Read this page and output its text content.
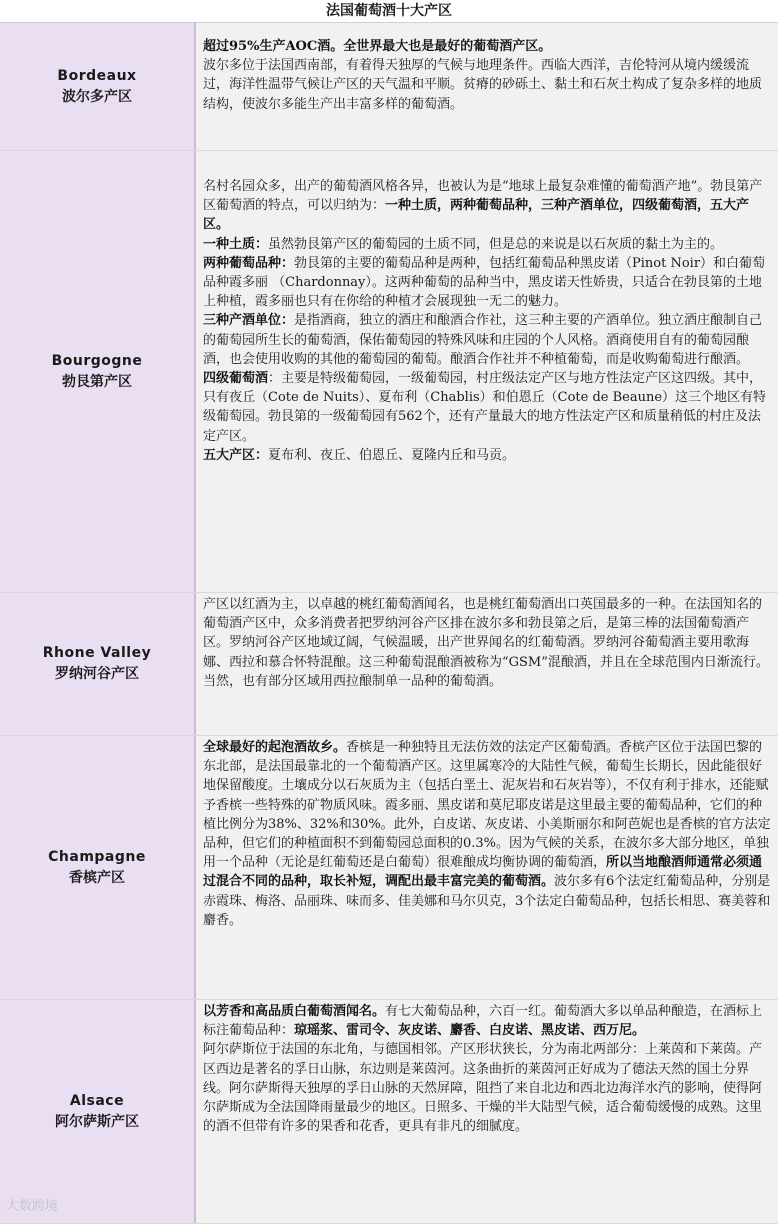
法国葡萄酒十大产区
Bordeaux
波尔多产区

超过95%生产AOC酒。全世界最大也是最好的葡萄酒产区。

波尔多位于法国西南部，有着得天独厚的气候与地理条件。西临大西洋，吉伦特河从境内缓缓流过，海洋性温带气候让产区的天气温和平顺。贫瘠的砂砾土、黏土和石灰土构成了复杂多样的地质结构，使波尔多能生产出丰富多样的葡萄酒。

Bourgogne
勃艮第产区

名村名园众多，出产的葡萄酒风格各异，也被认为是“地球上最复杂难懂的葡萄酒产地”。勃艮第产区葡萄酒的特点，可以归纳为：一种土质，两种葡萄品种，三种产酒单位，四级葡萄酒，五大产区。

一种土质：虽然勃艮第产区的葡萄园的土质不同，但是总的来说是以石灰质的黏土为主的。

两种葡萄品种：勃艮第的主要的葡萄品种是两种，包括红葡萄品种黑皮诺（Pinot Noir）和白葡萄品种霞多丽 （Chardonnay）。这两种葡萄的品种当中，黑皮诺天性娇贵，只适合在勃艮第的土地上种植，霞多丽也只有在你给的种植才会展现独一无二的魅力。

三种产酒单位：是指酒商，独立的酒庄和酿酒合作社，这三种主要的产酒单位。独立酒庄酿制自己的葡萄园所生长的葡萄酒，保佑葡萄园的特殊风味和庄园的个人风格。酒商使用自有的葡萄园酿酒，也会使用收购的其他的葡萄园的葡萄。酿酒合作社并不种植葡萄，而是收购葡萄进行酿酒。

四级葡萄酒：主要是特级葡萄园，一级葡萄园，村庄级法定产区与地方性法定产区这四级。其中，只有夜丘（Cote de Nuits）、夏布利（Chablis）和伯恩丘（Cote de Beaune）这三个地区有特级葡萄园。勃艮第的一级葡萄园有562个，还有产量最大的地方性法定产区和质量稍低的村庄及法定产区。

五大产区：夏布利、夜丘、伯恩丘、夏隆内丘和马贡。

Rhone Valley
罗纳河谷产区

产区以红酒为主，以卓越的桃红葡萄酒闻名，也是桃红葡萄酒出口英国最多的一种。在法国知名的葡萄酒产区中，众多消费者把罗纳河谷产区排在波尔多和勃艮第之后，是第三棒的法国葡萄酒产区。罗纳河谷产区地域辽阔，气候温暖，出产世界闻名的红葡萄酒。罗纳河谷葡萄酒主要用歌海娜、西拉和慕合怀特混酿。这三种葡萄混酿酒被称为“GSM”混酿酒，并且在全球范围内日渐流行。当然，也有部分区域用西拉酿制单一品种的葡萄酒。

Champagne
香槟产区

全球最好的起泡酒故乡。香槟是一种独特且无法仿效的法定产区葡萄酒。香槟产区位于法国巴黎的东北部，是法国最靠北的一个葡萄酒产区。这里属寒冷的大陆性气候，葡萄生长期长，因此能很好地保留酸度。土壤成分以石灰质为主（包括白垩土、泥灰岩和石灰岩等），不仅有利于排水，还能赋予香槟一些特殊的矿物质风味。霞多丽、黑皮诺和莫尼耶皮诺是这里最主要的葡萄品种，它们的种植比例分为38%、32%和30%。此外，白皮诺、灰皮诺、小美斯丽尔和阿芭妮也是香槟的官方法定品种，但它们的种植面积不到葡萄园总面积的0.3%。因为气候的关系，在波尔多大部分地区，单独用一个品种（无论是红葡萄还是白葡萄）很难酿成均衡协调的葡萄酒，所以当地酿酒师通常必须通过混合不同的品种，取长补短，调配出最丰富完美的葡萄酒。波尔多有6个法定红葡萄品种，分别是赤霞珠、梅洛、品丽珠、味而多、佳美娜和马尔贝克，3个法定白葡萄品种，包括长相思、赛美蓉和麝香。

Alsace
阿尔萨斯产区

以芳香和高品质白葡萄酒闻名。有七大葡萄品种，六百一红。葡萄酒大多以单品种酿造，在酒标上标注葡萄品种：琼瑶浆、雷司令、灰皮诺、麝香、白皮诺、黑皮诺、西万尼。

阿尔萨斯位于法国的东北角，与德国相邻。产区形状狭长，分为南北两部分：上莱茵和下莱茵。产区西边是著名的孚日山脉，东边则是莱茵河。这条曲折的莱茵河正好成为了德法天然的国土分界线。阿尔萨斯得天独厚的孚日山脉的天然屏障，阻挡了来自北边和西北边海洋水汽的影响，使得阿尔萨斯成为全法国降雨量最少的地区。日照多、干燥的半大陆型气候，适合葡萄缓慢的成熟。这里的酒不但带有许多的果香和花香，更具有非凡的细腻度。

大数跨境
